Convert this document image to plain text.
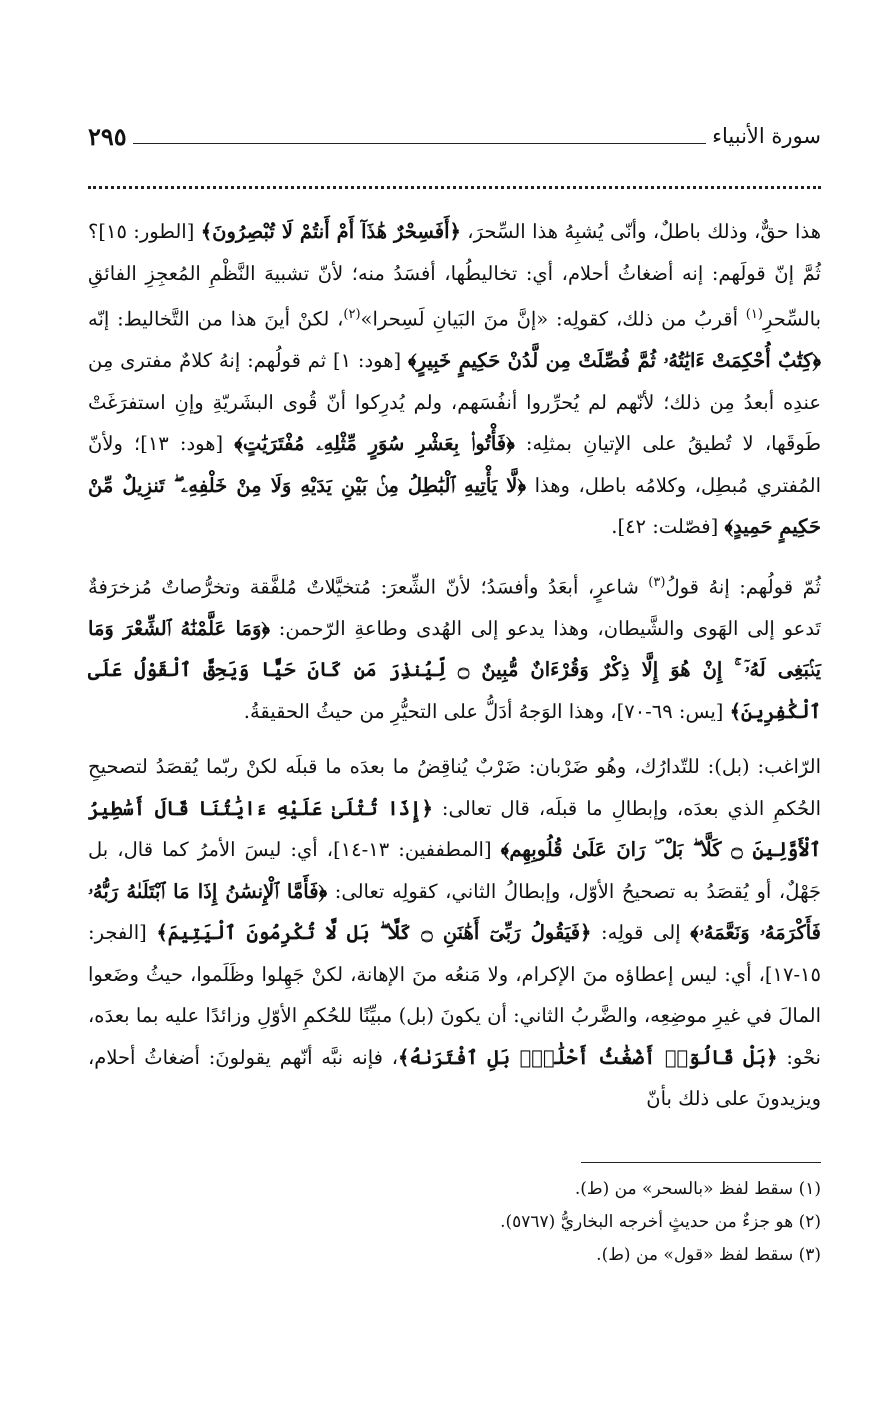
سورة الأنبياء
٢٩٥

هذا حقٌّ، وذلك باطلٌ، وأنّى يُشبِهُ هذا السِّحرَ، ﴿أَفَسِحْرٌ هَٰذَآ أَمْ أَنتُمْ لَا تُبْصِرُونَ﴾ [الطور: ١٥]؟ ثُمَّ إنّ قولَهم: إنه أضغاثُ أحلام، أي: تخاليطُها، أفسَدُ منه؛ لأنّ تشبيهَ النَّظْمِ المُعجِزِ الفائقِ بالسِّحرِ$^{(١)}$ أقربُ من ذلك، كقولِه: «إنَّ منَ البَيانِ لَسِحرا»$^{(٢)}$، لكنْ أينَ هذا من التَّخاليط: إنّه ﴿كِتَٰبٌ أُحْكِمَتْ ءَايَٰتُهُۥ ثُمَّ فُصِّلَتْ مِن لَّدُنْ حَكِيمٍ خَبِيرٍ﴾ [هود: ١] ثم قولُهم: إنهُ كلامٌ مفترى مِن عندِه أبعدُ مِن ذلك؛ لأنّهم لم يُحرِّروا أنفُسَهم، ولم يُدرِكوا أنّ قُوى البشَريّةِ وإنِ استفرَغَتْ طَوقَها، لا تُطيقُ على الإتيانِ بمثلِه: ﴿فَأْتُوا۟ بِعَشْرِ سُوَرٍ مِّثْلِهِۦ مُفْتَرَيَٰتٍ﴾ [هود: ١٣]؛ ولأنّ المُفتري مُبطِل، وكلامُه باطل، وهذا ﴿لَّا يَأْتِيهِ ٱلْبَٰطِلُ مِنۢ بَيْنِ يَدَيْهِ وَلَا مِنْ خَلْفِهِۦ ۖ تَنزِيلٌ مِّنْ حَكِيمٍ حَمِيدٍ﴾ [فصّلت: ٤٢].

ثُمّ قولُهم: إنهُ قولُ$^{(٣)}$ شاعرٍ، أبعَدُ وأفسَدُ؛ لأنّ الشِّعرَ: مُتخيَّلاتٌ مُلفَّقة وتخرُّصاتٌ مُزخرَفةٌ تَدعو إلى الهَوى والشَّيطان، وهذا يدعو إلى الهُدى وطاعةِ الرّحمن: ﴿وَمَا عَلَّمْنَٰهُ ٱلشِّعْرَ وَمَا يَنۢبَغِى لَهُۥٓ ۚ إِنْ هُوَ إِلَّا ذِكْرٌ وَقُرْءَانٌ مُّبِينٌ ۝ لِّيُنذِرَ مَن كَانَ حَيًّا وَيَحِقَّ ٱلْقَوْلُ عَلَى ٱلْكَٰفِرِينَ﴾ [يس: ٦٩-٧٠]، وهذا الوَجهُ أدَلُّ على التحيُّرِ من حيثُ الحقيقةُ.

الرّاغب: (بل): للتّدارُك، وهُو ضَرْبان: ضَرْبٌ يُناقِضُ ما بعدَه ما قبلَه لكنْ ربّما يُقصَدُ لتصحيحِ الحُكمِ الذي بعدَه، وإبطالِ ما قبلَه، قال تعالى: ﴿إِذَا تُتْلَىٰ عَلَيْهِ ءَايَٰتُنَا قَالَ أَسَٰطِيرُ ٱلْأَوَّلِينَ ۝ كَلَّا ۖ بَلْ ۜ رَانَ عَلَىٰ قُلُوبِهِم﴾ [المطففين: ١٣-١٤]، أي: ليسَ الأمرُ كما قال، بل جَهْلٌ، أو يُقصَدُ به تصحيحُ الأوّل، وإبطالُ الثاني، كقولِه تعالى: ﴿فَأَمَّا ٱلْإِنسَٰنُ إِذَا مَا ٱبْتَلَىٰهُ رَبُّهُۥ فَأَكْرَمَهُۥ وَنَعَّمَهُۥ﴾ إلى قولِه: ﴿فَيَقُولُ رَبِّىٓ أَهَٰنَنِ ۝ كَلَّا ۖ بَل لَّا تُكْرِمُونَ ٱلْيَتِيمَ﴾ [الفجر: ١٥-١٧]، أي: ليس إعطاؤه منَ الإكرام، ولا مَنعُه منَ الإهانة، لكنْ جَهِلوا وظَلَموا، حيثُ وضَعوا المالَ في غيرِ موضِعِه، والضَّربُ الثاني: أن يكونَ (بل) مبيِّنًا للحُكمِ الأوّلِ وزائدًا عليه بما بعدَه، نحْو: ﴿بَلْ قَالُوٓا۟ أَضْغَٰثُ أَحْلَٰمٍۭ بَلِ ٱفْتَرَىٰهُ﴾، فإنه نبَّه أنّهم يقولونَ: أضغاثُ أحلام، ويزيدونَ على ذلك بأنّ

(١) سقط لفظ «بالسحر» من (ط).
(٢) هو جزءٌ من حديثٍ أخرجه البخاريُّ (٥٧٦٧).
(٣) سقط لفظ «قول» من (ط).
